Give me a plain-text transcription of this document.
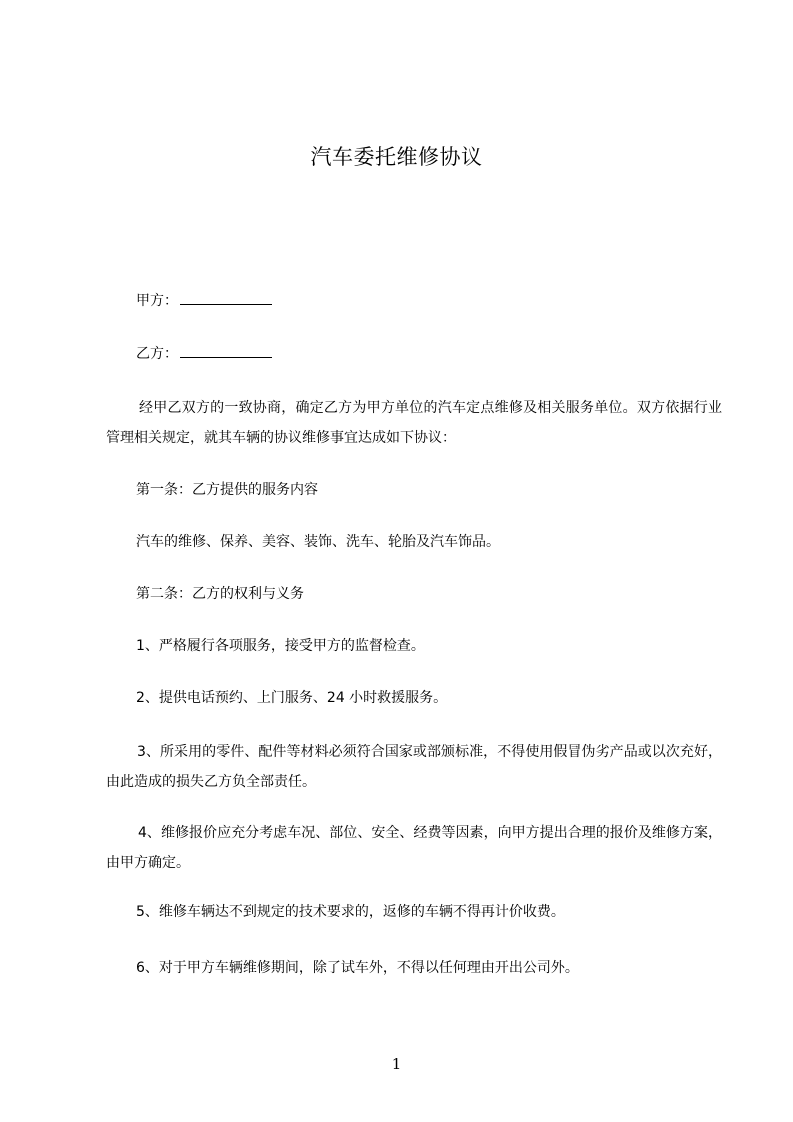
汽车委托维修协议
甲方：
乙方：
经甲乙双方的一致协商，确定乙方为甲方单位的汽车定点维修及相关服务单位。双方依据行业管理相关规定，就其车辆的协议维修事宜达成如下协议：
第一条：乙方提供的服务内容
汽车的维修、保养、美容、装饰、洗车、轮胎及汽车饰品。
第二条：乙方的权利与义务
1、严格履行各项服务，接受甲方的监督检查。
2、提供电话预约、上门服务、24 小时救援服务。
3、所采用的零件、配件等材料必须符合国家或部颁标准，不得使用假冒伪劣产品或以次充好，由此造成的损失乙方负全部责任。
4、维修报价应充分考虑车况、部位、安全、经费等因素，向甲方提出合理的报价及维修方案，由甲方确定。
5、维修车辆达不到规定的技术要求的，返修的车辆不得再计价收费。
6、对于甲方车辆维修期间，除了试车外，不得以任何理由开出公司外。
1
